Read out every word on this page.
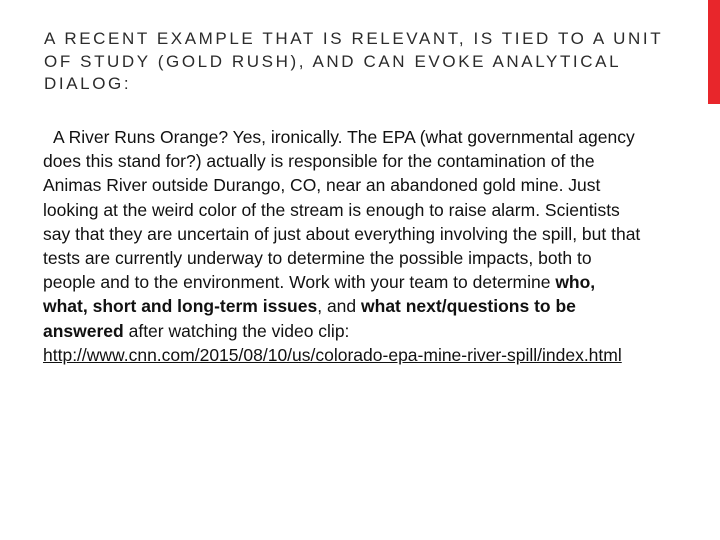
A RECENT EXAMPLE THAT IS RELEVANT, IS TIED TO A UNIT OF STUDY (GOLD RUSH), AND CAN EVOKE ANALYTICAL DIALOG:

A River Runs Orange? Yes, ironically. The EPA (what governmental agency does this stand for?) actually is responsible for the contamination of the Animas River outside Durango, CO, near an abandoned gold mine. Just looking at the weird color of the stream is enough to raise alarm. Scientists say that they are uncertain of just about everything involving the spill, but that tests are currently underway to determine the possible impacts, both to people and to the environment. Work with your team to determine who, what, short and long-term issues, and what next/questions to be answered after watching the video clip: http://www.cnn.com/2015/08/10/us/colorado-epa-mine-river-spill/index.html
